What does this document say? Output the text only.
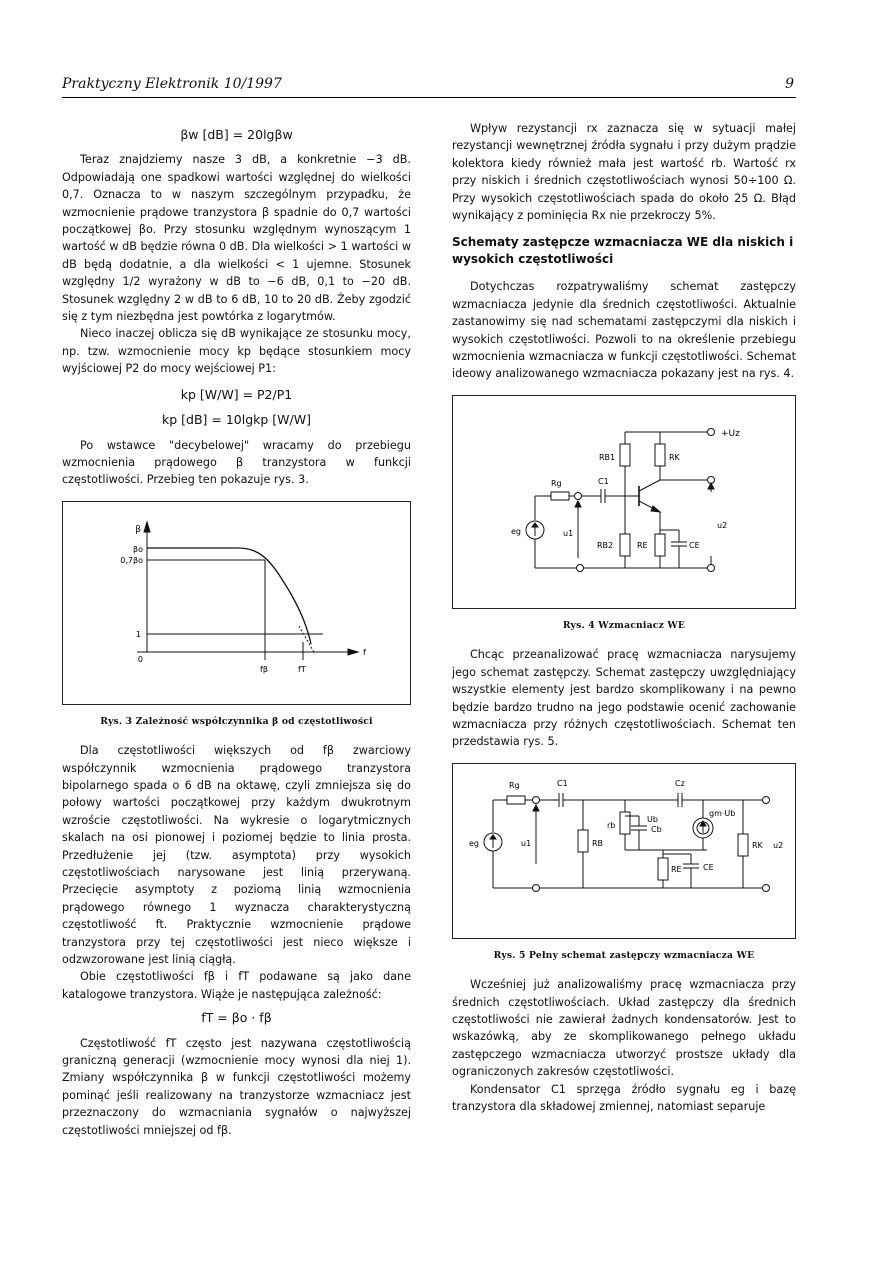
Praktyczny Elektronik 10/1997	9
βw [dB] = 20lgβw

Teraz znajdziemy nasze 3 dB, a konkretnie −3 dB. Odpowiadają one spadkowi wartości względnej do wielkości 0,7. Oznacza to w naszym szczególnym przypadku, że wzmocnienie prądowe tranzystora β spadnie do 0,7 wartości początkowej βo. Przy stosunku względnym wynoszącym 1 wartość w dB będzie równa 0 dB. Dla wielkości > 1 wartości w dB będą dodatnie, a dla wielkości < 1 ujemne. Stosunek względny 1/2 wyrażony w dB to −6 dB, 0,1 to −20 dB. Stosunek względny 2 w dB to 6 dB, 10 to 20 dB. Żeby zgodzić się z tym niezbędna jest powtórka z logarytmów.

Nieco inaczej oblicza się dB wynikające ze stosunku mocy, np. tzw. wzmocnienie mocy kp będące stosunkiem mocy wyjściowej P2 do mocy wejściowej P1:

kp [W/W] = P2/P1
kp [dB] = 10lgkp [W/W]

Po wstawce "decybelowej" wracamy do przebiegu wzmocnienia prądowego β tranzystora w funkcji częstotliwości. Przebieg ten pokazuje rys. 3.

β
βo
0,7βo
1
0
f
fβ	fT
Rys. 3 Zależność współczynnika β od częstotliwości

Dla częstotliwości większych od fβ zwarciowy współczynnik wzmocnienia prądowego tranzystora bipolarnego spada o 6 dB na oktawę, czyli zmniejsza się do połowy wartości początkowej przy każdym dwukrotnym wzroście częstotliwości. Na wykresie o logarytmicznych skalach na osi pionowej i poziomej będzie to linia prosta. Przedłużenie jej (tzw. asymptota) przy wysokich częstotliwościach narysowane jest linią przerywaną. Przecięcie asymptoty z poziomą linią wzmocnienia prądowego równego 1 wyznacza charakterystyczną częstotliwość ft. Praktycznie wzmocnienie prądowe tranzystora przy tej częstotliwości jest nieco większe i odzwzorowane jest linią ciągłą.

Obie częstotliwości fβ i fT podawane są jako dane katalogowe tranzystora. Wiąże je następująca zależność:

fT = βo · fβ

Częstotliwość fT często jest nazywana częstotliwością graniczną generacji (wzmocnienie mocy wynosi dla niej 1). Zmiany współczynnika β w funkcji częstotliwości możemy pominąć jeśli realizowany na tranzystorze wzmacniacz jest przeznaczony do wzmacniania sygnałów o najwyższej częstotliwości mniejszej od fβ.

Wpływ rezystancji rx zaznacza się w sytuacji małej rezystancji wewnętrznej źródła sygnału i przy dużym prądzie kolektora kiedy również mała jest wartość rb. Wartość rx przy niskich i średnich częstotliwościach wynosi 50÷100 Ω. Przy wysokich częstotliwościach spada do około 25 Ω. Błąd wynikający z pominięcia Rx nie przekroczy 5%.

Schematy zastępcze wzmacniacza WE dla niskich i wysokich częstotliwości

Dotychczas rozpatrywaliśmy schemat zastępczy wzmacniacza jedynie dla średnich częstotliwości. Aktualnie zastanowimy się nad schematami zastępczymi dla niskich i wysokich częstotliwości. Pozwoli to na określenie przebiegu wzmocnienia wzmacniacza w funkcji częstotliwości. Schemat ideowy analizowanego wzmacniacza pokazany jest na rys. 4.

+Uz
RB1	RK
Rg	C1
eg	u1
RB2	RE	CE
u2
Rys. 4 Wzmacniacz WE

Chcąc przeanalizować pracę wzmacniacza narysujemy jego schemat zastępczy. Schemat zastępczy uwzględniający wszystkie elementy jest bardzo skomplikowany i na pewno będzie bardzo trudno na jego podstawie ocenić zachowanie wzmacniacza przy różnych częstotliwościach. Schemat ten przedstawia rys. 5.

Rg	C1	Cz
gm·Ub
rb
Ub
Cb
eg	u1	RB	RK u2
RE	CE
Rys. 5 Pełny schemat zastępczy wzmacniacza WE

Wcześniej już analizowaliśmy pracę wzmacniacza przy średnich częstotliwościach. Układ zastępczy dla średnich częstotliwości nie zawierał żadnych kondensatorów. Jest to wskazówką, aby ze skomplikowanego pełnego układu zastępczego wzmacniacza utworzyć prostsze układy dla ograniczonych zakresów częstotliwości.

Kondensator C1 sprzęga źródło sygnału eg i bazę tranzystora dla składowej zmiennej, natomiast separuje
